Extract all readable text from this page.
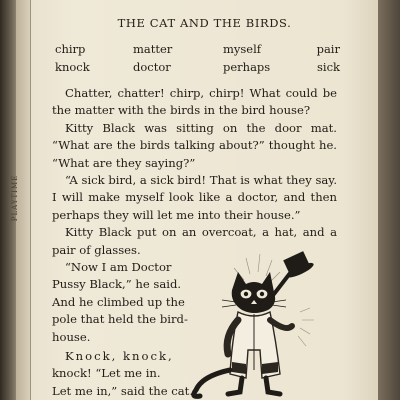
PLAYTIME
THE CAT AND THE BIRDS.
chirp	matter	myself	pair
knock	doctor	perhaps	sick

Chatter, chatter! chirp, chirp! What could be the matter with the birds in the bird house?

Kitty Black was sitting on the door mat. “What are the birds talking about?” thought he. “What are they saying?”

“A sick bird, a sick bird! That is what they say. I will make myself look like a doctor, and then perhaps they will let me into their house.”

Kitty Black put on an overcoat, a hat, and a pair of glasses.

“Now I am Doctor
Pussy Black,” he said.
And he climbed up the
pole that held the bird-
house.
Knock, knock,
knock! “Let me in.
Let me in,” said the cat.
